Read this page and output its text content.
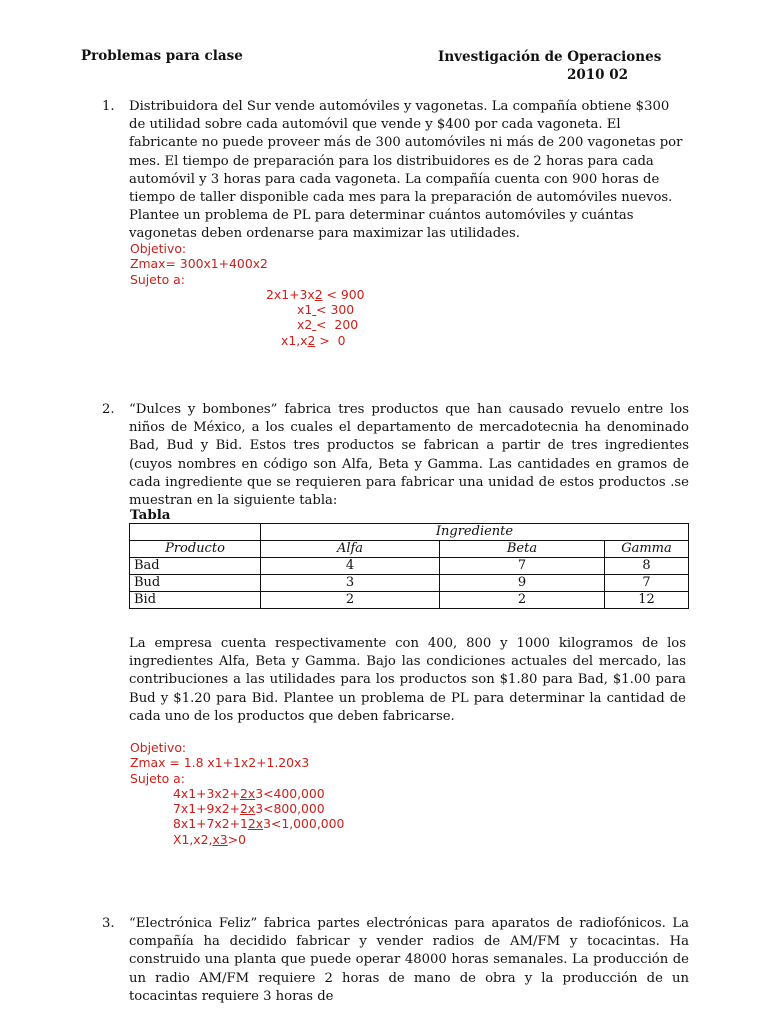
Problemas para clase	Investigación de Operaciones
2010 02
1. Distribuidora del Sur vende automóviles y vagonetas. La compañía obtiene $300 de utilidad sobre cada automóvil que vende y $400 por cada vagoneta. El fabricante no puede proveer más de 300 automóviles ni más de 200 vagonetas por mes. El tiempo de preparación para los distribuidores es de 2 horas para cada automóvil y 3 horas para cada vagoneta. La compañía cuenta con 900 horas de tiempo de taller disponible cada mes para la preparación de automóviles nuevos. Plantee un problema de PL para determinar cuántos automóviles y cuántas vagonetas deben ordenarse para maximizar las utilidades.
Objetivo:
Zmax= 300x1+400x2
Sujeto a:
2x1+3x2 < 900
x1 < 300
x2 <  200
x1,x2 >  0
2. “Dulces y bombones” fabrica tres productos que han causado revuelo entre los niños de México, a los cuales el departamento de mercadotecnia ha denominado Bad, Bud y Bid. Estos tres productos se fabrican a partir de tres ingredientes (cuyos nombres en código son Alfa, Beta y Gamma. Las cantidades en gramos de cada ingrediente que se requieren para fabricar una unidad de estos productos .se muestran en la siguiente tabla:
Tabla
	Ingrediente		
Producto	Alfa	Beta	Gamma
Bad	4	7	8
Bud	3	9	7
Bid	2	2	12
La empresa cuenta respectivamente con 400, 800 y 1000 kilogramos de los ingredientes Alfa, Beta y Gamma. Bajo las condiciones actuales del mercado, las contribuciones a las utilidades para los productos son $1.80 para Bad, $1.00 para Bud y $1.20 para Bid. Plantee un problema de PL para determinar la cantidad de cada uno de los productos que deben fabricarse.
Objetivo:
Zmax = 1.8 x1+1x2+1.20x3
Sujeto a:
4x1+3x2+2x3<400,000
7x1+9x2+2x3<800,000
8x1+7x2+12x3<1,000,000
X1,x2,x3>0
3. “Electrónica Feliz” fabrica partes electrónicas para aparatos de radiofónicos. La compañía ha decidido fabricar y vender radios de AM/FM y tocacintas. Ha construido una planta que puede operar 48000 horas semanales. La producción de un radio AM/FM requiere 2 horas de mano de obra y la producción de un tocacintas requiere 3 horas de
